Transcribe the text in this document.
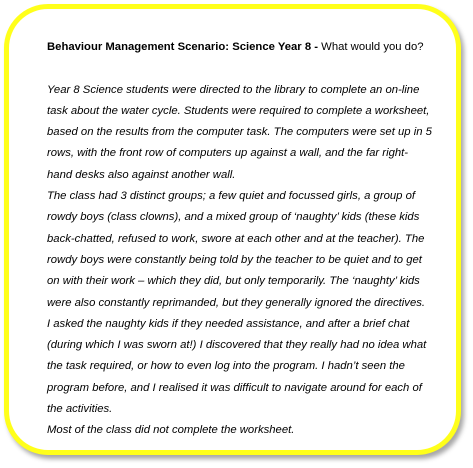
Behaviour Management Scenario: Science Year 8 - What would you do?

Year 8 Science students were directed to the library to complete an on-line task about the water cycle. Students were required to complete a worksheet, based on the results from the computer task. The computers were set up in 5 rows, with the front row of computers up against a wall, and the far right-hand desks also against another wall.

The class had 3 distinct groups; a few quiet and focussed girls, a group of rowdy boys (class clowns), and a mixed group of ‘naughty’ kids (these kids back-chatted, refused to work, swore at each other and at the teacher). The rowdy boys were constantly being told by the teacher to be quiet and to get on with their work – which they did, but only temporarily. The ‘naughty’ kids were also constantly reprimanded, but they generally ignored the directives.

I asked the naughty kids if they needed assistance, and after a brief chat (during which I was sworn at!) I discovered that they really had no idea what the task required, or how to even log into the program. I hadn’t seen the program before, and I realised it was difficult to navigate around for each of the activities.

Most of the class did not complete the worksheet.
